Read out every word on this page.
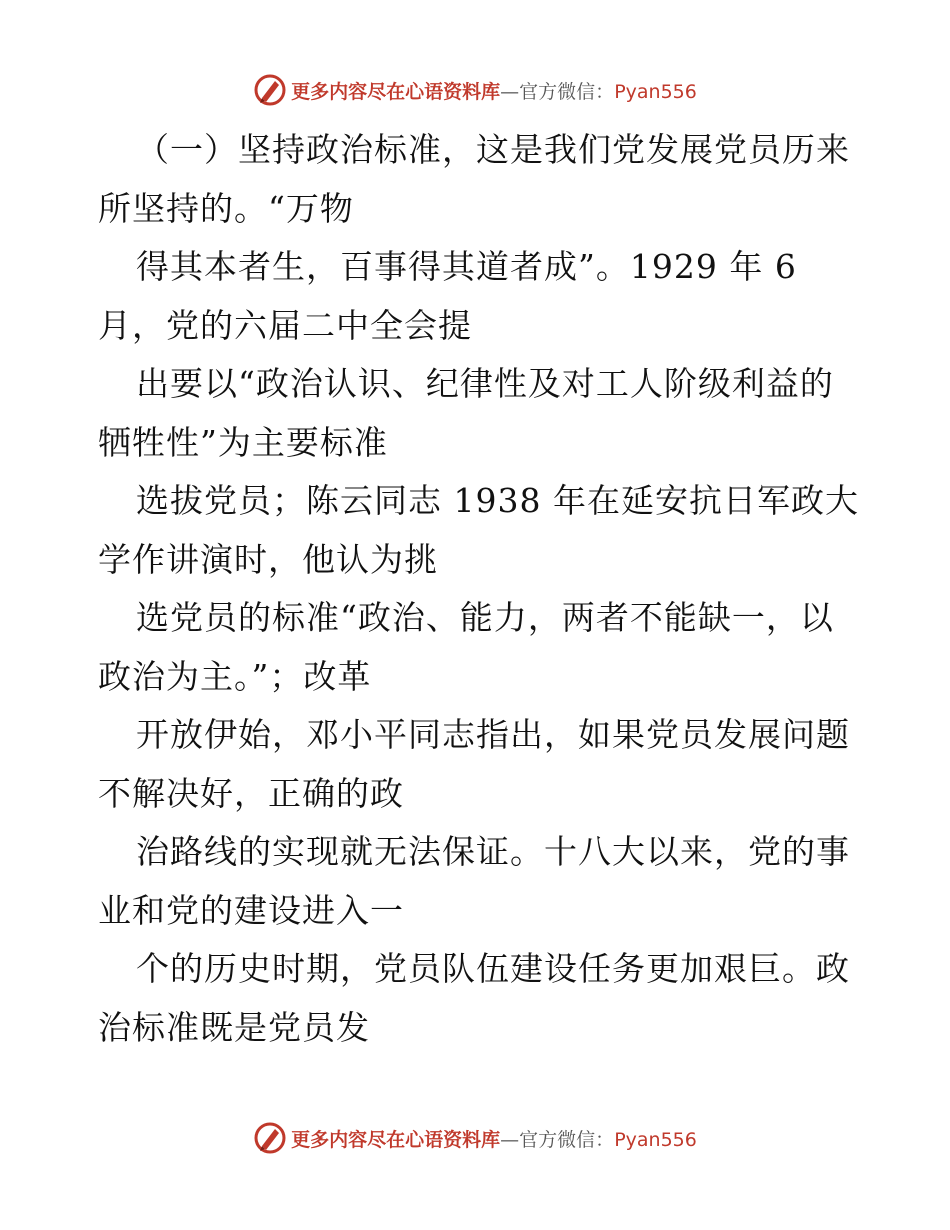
更多内容尽在心语资料库—官方微信：Pyan556
（一）坚持政治标准，这是我们党发展党员历来
所坚持的。“万物
得其本者生，百事得其道者成”。1929 年 6
月，党的六届二中全会提
出要以“政治认识、纪律性及对工人阶级利益的
牺牲性”为主要标准
选拔党员；陈云同志 1938 年在延安抗日军政大
学作讲演时，他认为挑
选党员的标准“政治、能力，两者不能缺一，以
政治为主。”；改革
开放伊始，邓小平同志指出，如果党员发展问题
不解决好，正确的政
治路线的实现就无法保证。十八大以来，党的事
业和党的建设进入一
个的历史时期，党员队伍建设任务更加艰巨。政
治标准既是党员发
更多内容尽在心语资料库—官方微信：Pyan556
